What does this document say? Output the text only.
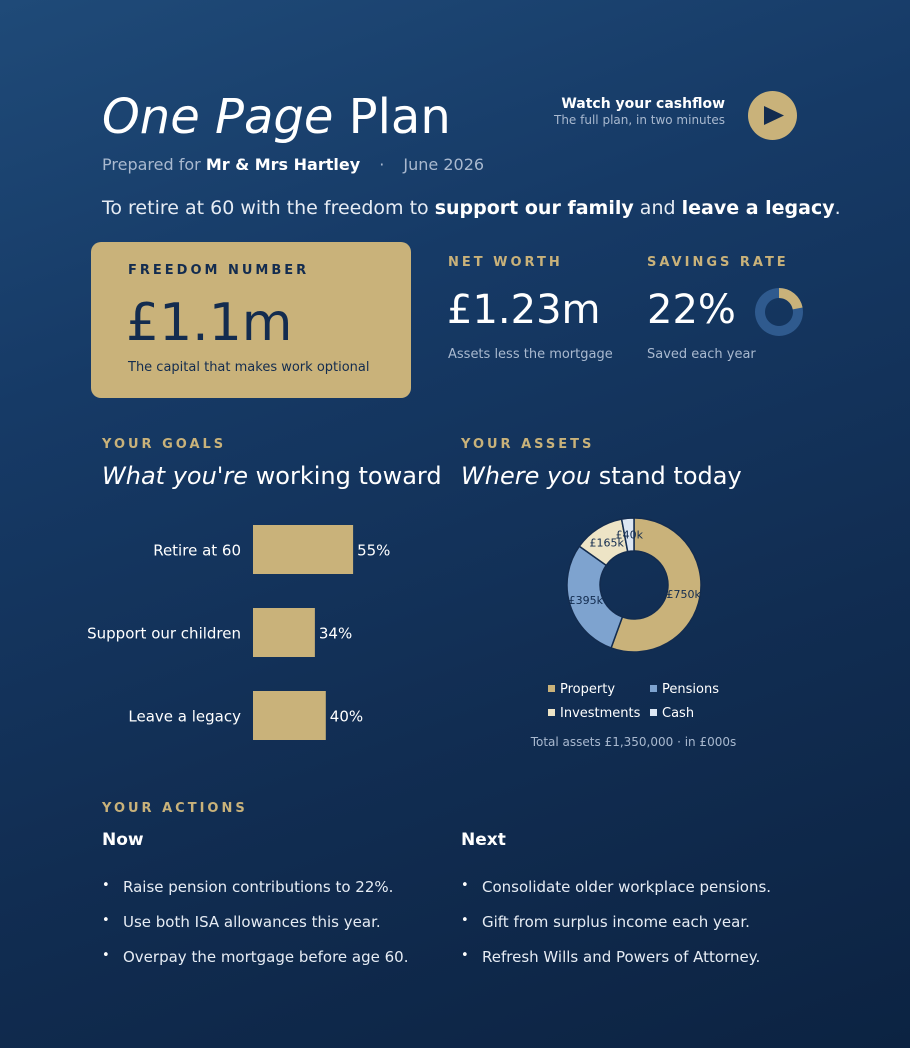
One Page Plan
Prepared for Mr & Mrs Hartley · June 2026
To retire at 60 with the freedom to support our family and leave a legacy.
Watch your cashflow
The full plan, in two minutes
FREEDOM NUMBER
£1.1m
The capital that makes work optional
NET WORTH
£1.23m
Assets less the mortgage
SAVINGS RATE
22%
Saved each year
YOUR GOALS
What you're working toward
Retire at 60	55%
Support our children	34%
Leave a legacy	40%
YOUR ASSETS
Where you stand today
£750k
£395k
£165k
£40k
Property	Pensions
Investments Cash
Total assets £1,350,000 · in £000s
YOUR ACTIONS
Now	Next
• Raise pension contributions to 22%.
• Use both ISA allowances this year.
• Overpay the mortgage before age 60.
• Consolidate older workplace pensions.
• Gift from surplus income each year.
• Refresh Wills and Powers of Attorney.
